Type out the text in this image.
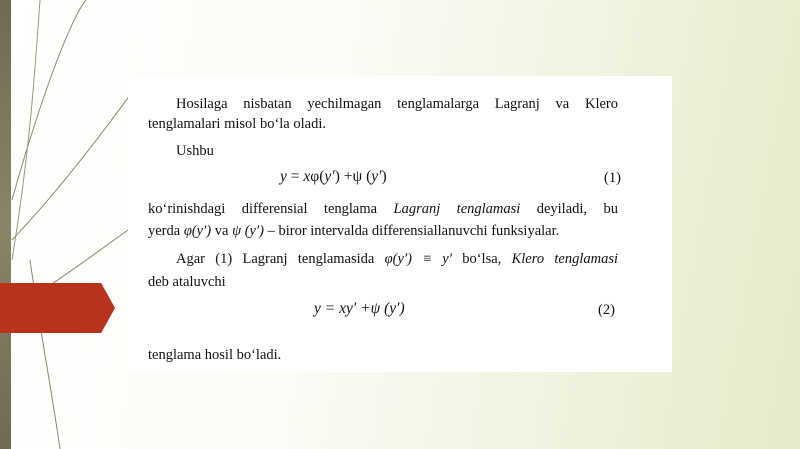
Hosilaga nisbatan yechilmagan tenglamalarga Lagranj va Klero
tenglamalari misol bo‘la oladi.
Ushbu
y = xφ(y′) +ψ (y′)	(1)
ko‘rinishdagi differensial tenglama Lagranj tenglamasi deyiladi, bu
yerda φ(y′) va ψ (y′) – biror intervalda differensiallanuvchi funksiyalar.
Agar (1) Lagranj tenglamasida φ(y′) ≡ y′ bo‘lsa, Klero tenglamasi
deb ataluvchi
y = xy′ +ψ (y′)	(2)
tenglama hosil bo‘ladi.
